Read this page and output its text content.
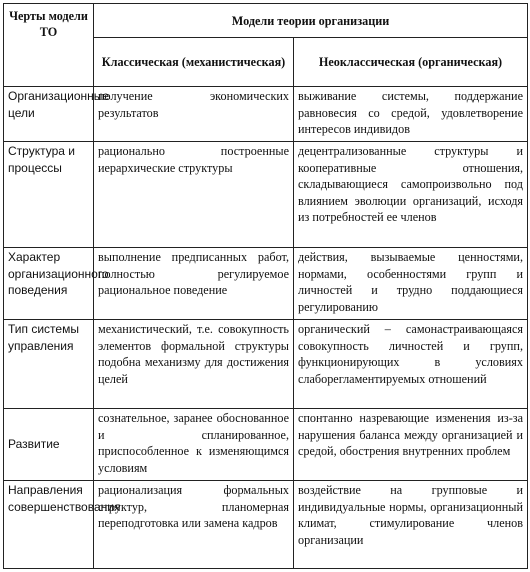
Черты модели ТО	Модели теории организации	
	Классическая (механистическая)	Неоклассическая (органическая)
Организационные цели	получение экономических результатов	выживание системы, поддержание равновесия со средой, удовлетворение интересов индивидов
Структура и процессы	рационально построенные иерархические структуры	децентрализованные структуры и кооперативные отношения, складывающиеся самопроизвольно под влиянием эволюции организаций, исходя из потребностей ее членов
Характер организационного поведения	выполнение предписанных работ, полностью регулируемое рациональное поведение	действия, вызываемые ценностями, нормами, особенностями групп и личностей и трудно поддающиеся регулированию
Тип системы управления	механистический, т.е. совокупность элементов формальной структуры подобна механизму для достижения целей	органический – самонастраивающаяся совокупность личностей и групп, функционирующих в условиях слаборегламентируемых отношений
Развитие	сознательное, заранее обоснованное и спланированное, приспособленное к изменяющимся условиям	спонтанно назревающие изменения из-за нарушения баланса между организацией и средой, обострения внутренних проблем
Направления совершенствования	рационализация формальных структур, планомерная переподготовка или замена кадров	воздействие на групповые и индивидуальные нормы, организационный климат, стимулирование членов организации
